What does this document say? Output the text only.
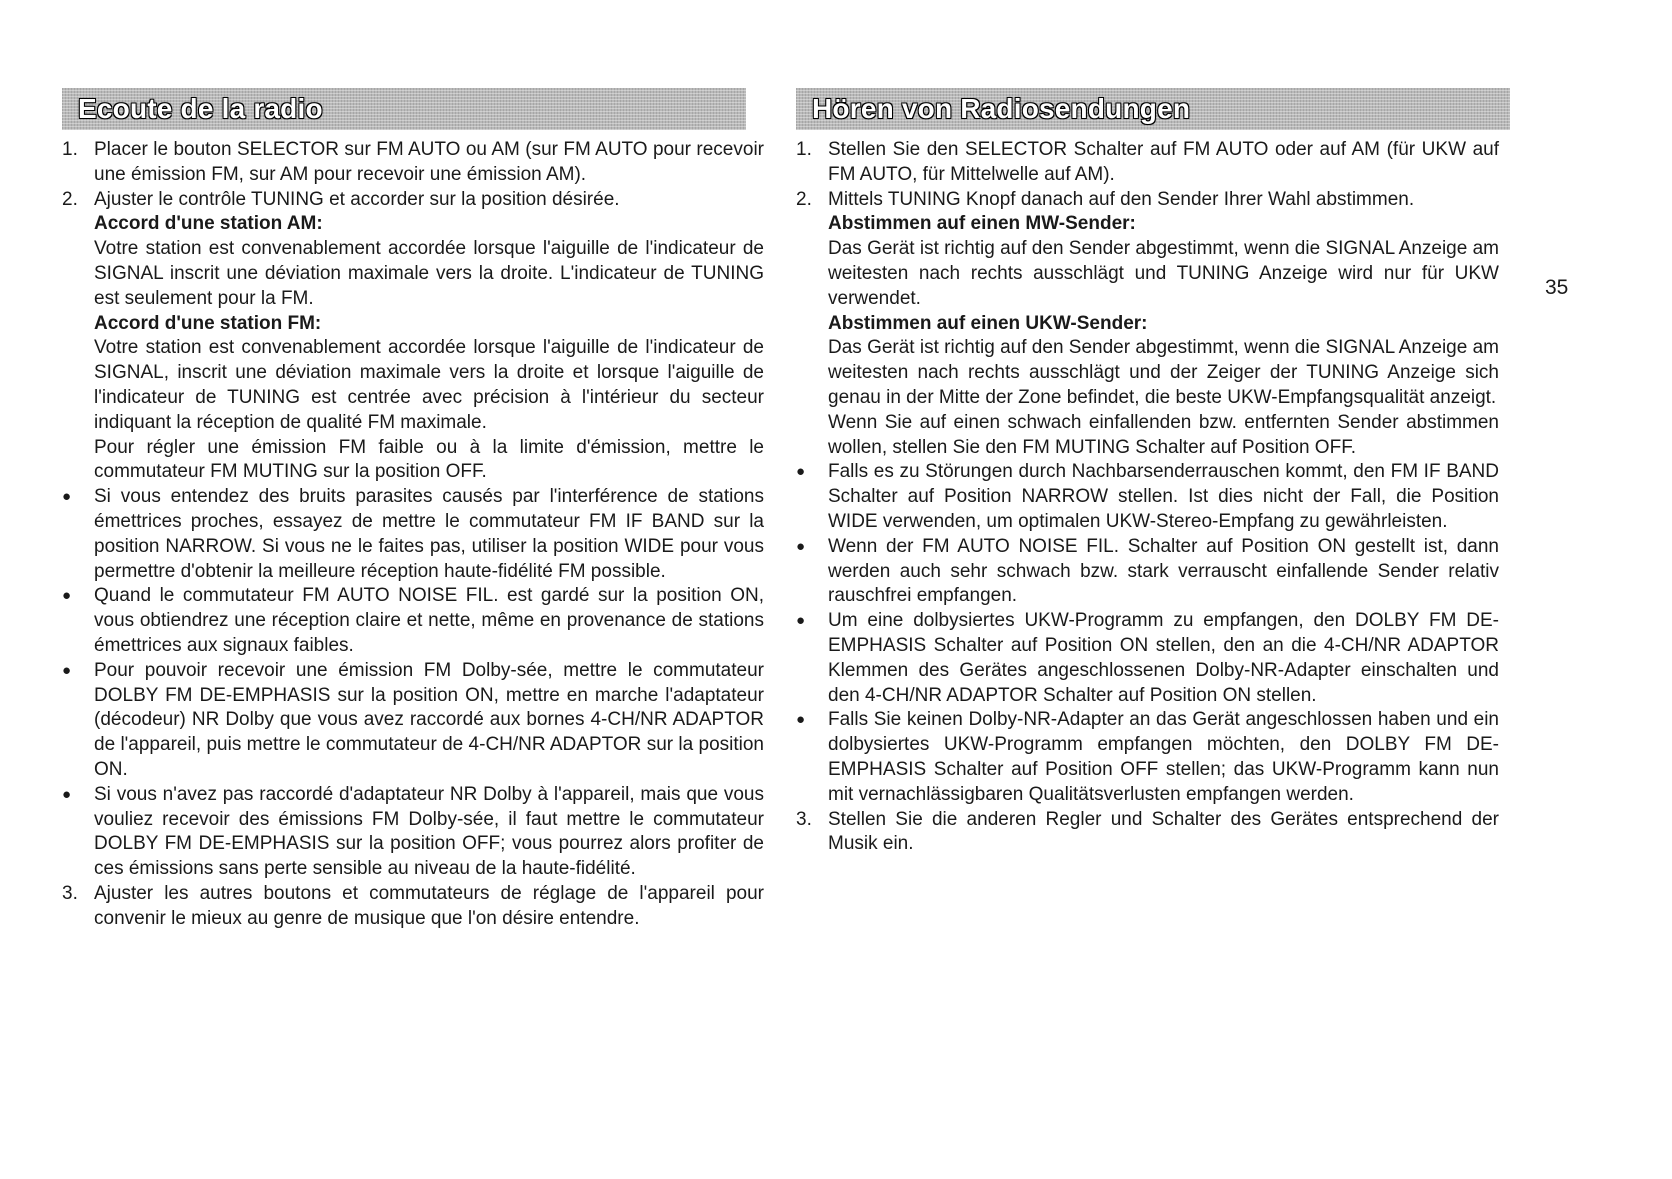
Ecoute de la radio
1. Placer le bouton SELECTOR sur FM AUTO ou AM (sur FM AUTO pour recevoir une émission FM, sur AM pour recevoir une émission AM).

2. Ajuster le contrôle TUNING et accorder sur la position désirée.

Accord d'une station AM:

Votre station est convenablement accordée lorsque l'aiguille de l'indicateur de SIGNAL inscrit une déviation maximale vers la droite. L'indicateur de TUNING est seulement pour la FM.

Accord d'une station FM:

Votre station est convenablement accordée lorsque l'aiguille de l'indicateur de SIGNAL, inscrit une déviation maximale vers la droite et lorsque l'aiguille de l'indicateur de TUNING est centrée avec précision à l'intérieur du secteur indiquant la réception de qualité FM maximale.

Pour régler une émission FM faible ou à la limite d'émission, mettre le commutateur FM MUTING sur la position OFF.

●	Si vous entendez des bruits parasites causés par l'interférence de stations émettrices proches, essayez de mettre le commutateur FM IF BAND sur la position NARROW. Si vous ne le faites pas, utiliser la position WIDE pour vous permettre d'obtenir la meilleure réception haute-fidélité FM possible.

●	Quand le commutateur FM AUTO NOISE FIL. est gardé sur la position ON, vous obtiendrez une réception claire et nette, même en provenance de stations émettrices aux signaux faibles.

●	Pour pouvoir recevoir une émission FM Dolby-sée, mettre le commutateur DOLBY FM DE-EMPHASIS sur la position ON, mettre en marche l'adaptateur (décodeur) NR Dolby que vous avez raccordé aux bornes 4-CH/NR ADAPTOR de l'appareil, puis mettre le commutateur de 4-CH/NR ADAPTOR sur la position ON.

●	Si vous n'avez pas raccordé d'adaptateur NR Dolby à l'appareil, mais que vous vouliez recevoir des émissions FM Dolby-sée, il faut mettre le commutateur DOLBY FM DE-EMPHASIS sur la position OFF; vous pourrez alors profiter de ces émissions sans perte sensible au niveau de la haute-fidélité.

3. Ajuster les autres boutons et commutateurs de réglage de l'appareil pour convenir le mieux au genre de musique que l'on désire entendre.

Hören von Radiosendungen
1. Stellen Sie den SELECTOR Schalter auf FM AUTO oder auf AM (für UKW auf FM AUTO, für Mittelwelle auf AM).

2. Mittels TUNING Knopf danach auf den Sender Ihrer Wahl abstimmen.

Abstimmen auf einen MW-Sender:

Das Gerät ist richtig auf den Sender abgestimmt, wenn die SIGNAL Anzeige am weitesten nach rechts ausschlägt und TUNING Anzeige wird nur für UKW verwendet.

Abstimmen auf einen UKW-Sender:

Das Gerät ist richtig auf den Sender abgestimmt, wenn die SIGNAL Anzeige am weitesten nach rechts ausschlägt und der Zeiger der TUNING Anzeige sich genau in der Mitte der Zone befindet, die beste UKW-Empfangsqualität anzeigt.

Wenn Sie auf einen schwach einfallenden bzw. entfernten Sender abstimmen wollen, stellen Sie den FM MUTING Schalter auf Position OFF.

●	Falls es zu Störungen durch Nachbarsenderrauschen kommt, den FM IF BAND Schalter auf Position NARROW stellen. Ist dies nicht der Fall, die Position WIDE verwenden, um optimalen UKW-Stereo-Empfang zu gewährleisten.

●	Wenn der FM AUTO NOISE FIL. Schalter auf Position ON gestellt ist, dann werden auch sehr schwach bzw. stark verrauscht einfallende Sender relativ rauschfrei empfangen.

●	Um eine dolbysiertes UKW-Programm zu empfangen, den DOLBY FM DE-EMPHASIS Schalter auf Position ON stellen, den an die 4-CH/NR ADAPTOR Klemmen des Gerätes angeschlossenen Dolby-NR-Adapter einschalten und den 4-CH/NR ADAPTOR Schalter auf Position ON stellen.

●	Falls Sie keinen Dolby-NR-Adapter an das Gerät angeschlossen haben und ein dolbysiertes UKW-Programm empfangen möchten, den DOLBY FM DE-EMPHASIS Schalter auf Position OFF stellen; das UKW-Programm kann nun mit vernachlässigbaren Qualitätsverlusten empfangen werden.

3. Stellen Sie die anderen Regler und Schalter des Gerätes entsprechend der Musik ein.

35
